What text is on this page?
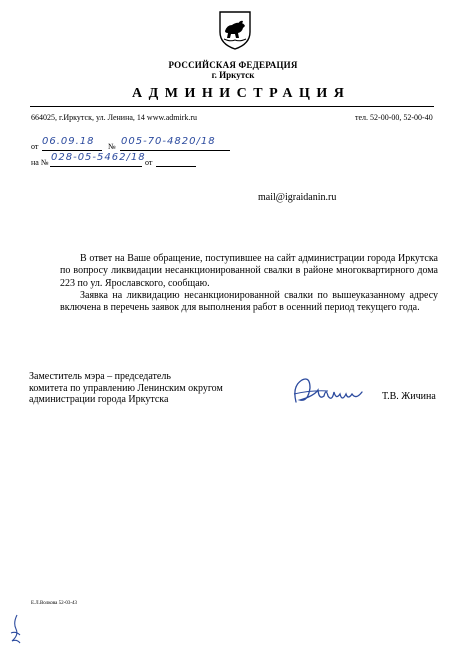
РОССИЙСКАЯ ФЕДЕРАЦИЯ
г. Иркутск
АДМИНИСТРАЦИЯ
664025, г.Иркутск, ул. Ленина, 14 www.admirk.ru	тел. 52-00-00, 52-00-40
от 06.09.18 № 005-70-4820/18
на № 028-05-5462/18 от
mail@igraidanin.ru

В ответ на Ваше обращение, поступившее на сайт администрации города Иркутска по вопросу ликвидации несанкционированной свалки в районе многоквартирного дома 223 по ул. Ярославского, сообщаю.

Заявка на ликвидацию несанкционированной свалки по вышеуказанному адресу включена в перечень заявок для выполнения работ в осенний период текущего года.

Заместитель мэра – председатель
комитета по управлению Ленинским округом
администрации города Иркутска	Т.В. Жичина
Е.Л.Волкова 52-03-43
